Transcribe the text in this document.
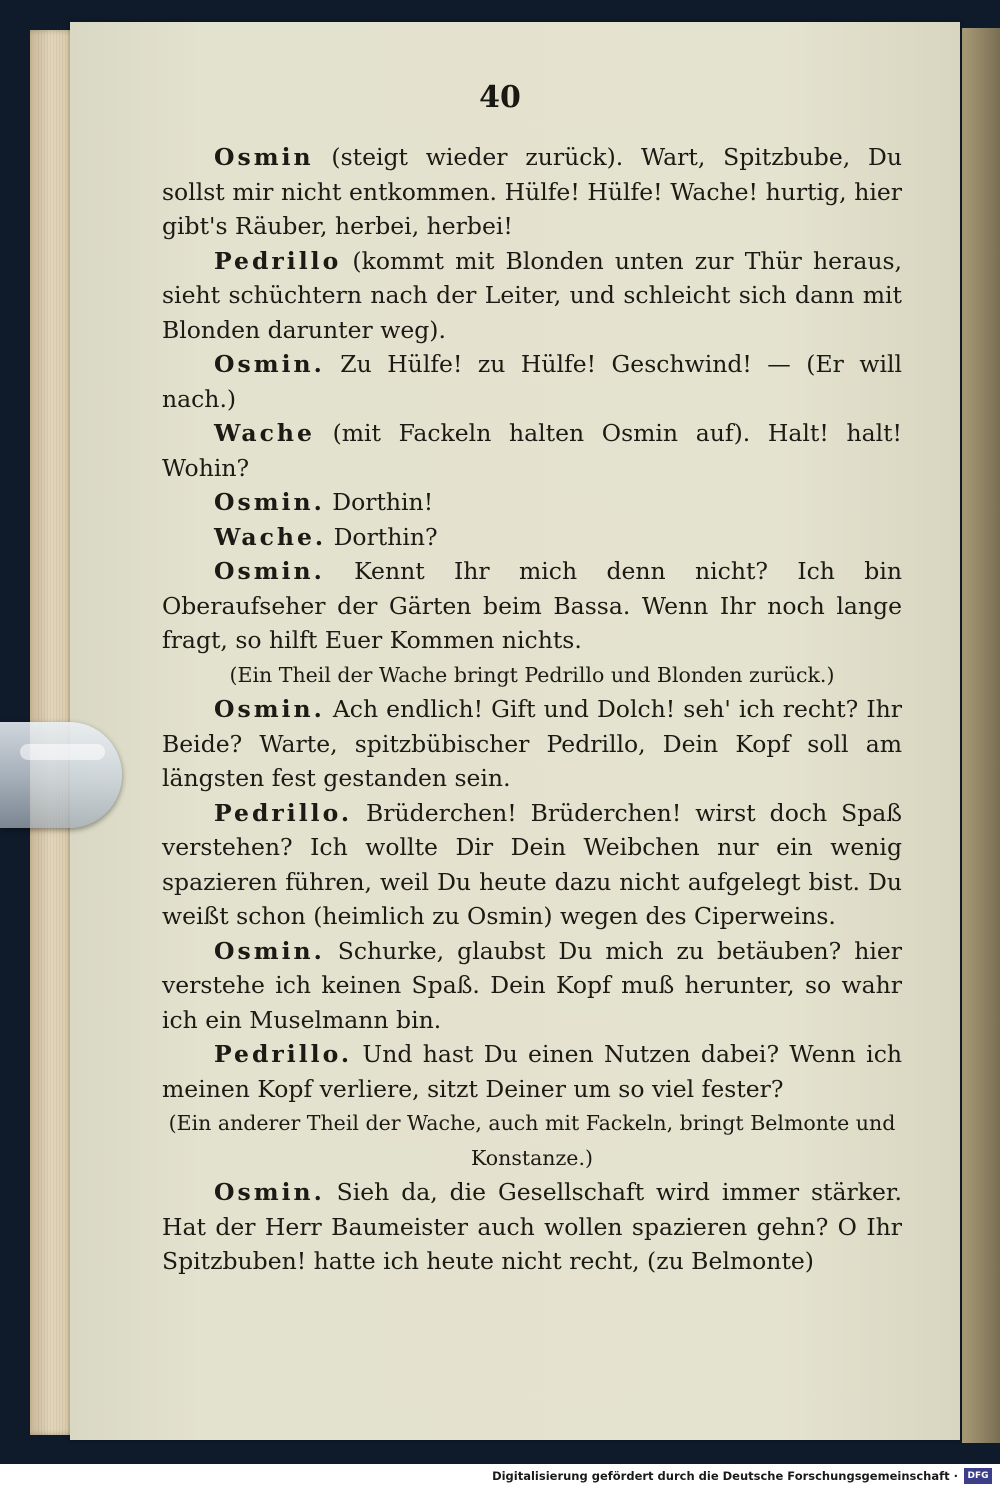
40

Osmin (steigt wieder zurück). Wart, Spitzbube, Du sollst mir nicht entkommen. Hülfe! Hülfe! Wache! hurtig, hier gibt's Räuber, herbei, herbei!

Pedrillo (kommt mit Blonden unten zur Thür heraus, sieht schüchtern nach der Leiter, und schleicht sich dann mit Blonden darunter weg).

Osmin. Zu Hülfe! zu Hülfe! Geschwind! — (Er will nach.)

Wache (mit Fackeln halten Osmin auf). Halt! halt! Wohin?

Osmin. Dorthin!

Wache. Dorthin?

Osmin. Kennt Ihr mich denn nicht? Ich bin Oberaufseher der Gärten beim Bassa. Wenn Ihr noch lange fragt, so hilft Euer Kommen nichts.

(Ein Theil der Wache bringt Pedrillo und Blonden zurück.)

Osmin. Ach endlich! Gift und Dolch! seh' ich recht? Ihr Beide? Warte, spitzbübischer Pedrillo, Dein Kopf soll am längsten fest gestanden sein.

Pedrillo. Brüderchen! Brüderchen! wirst doch Spaß verstehen? Ich wollte Dir Dein Weibchen nur ein wenig spazieren führen, weil Du heute dazu nicht aufgelegt bist. Du weißt schon (heimlich zu Osmin) wegen des Ciperweins.

Osmin. Schurke, glaubst Du mich zu betäuben? hier verstehe ich keinen Spaß. Dein Kopf muß herunter, so wahr ich ein Muselmann bin.

Pedrillo. Und hast Du einen Nutzen dabei? Wenn ich meinen Kopf verliere, sitzt Deiner um so viel fester?

(Ein anderer Theil der Wache, auch mit Fackeln, bringt Belmonte und Konstanze.)

Osmin. Sieh da, die Gesellschaft wird immer stärker. Hat der Herr Baumeister auch wollen spazieren gehn? O Ihr Spitzbuben! hatte ich heute nicht recht, (zu Belmonte)

Digitalisierung gefördert durch die Deutsche Forschungsgemeinschaft ·	DFG
